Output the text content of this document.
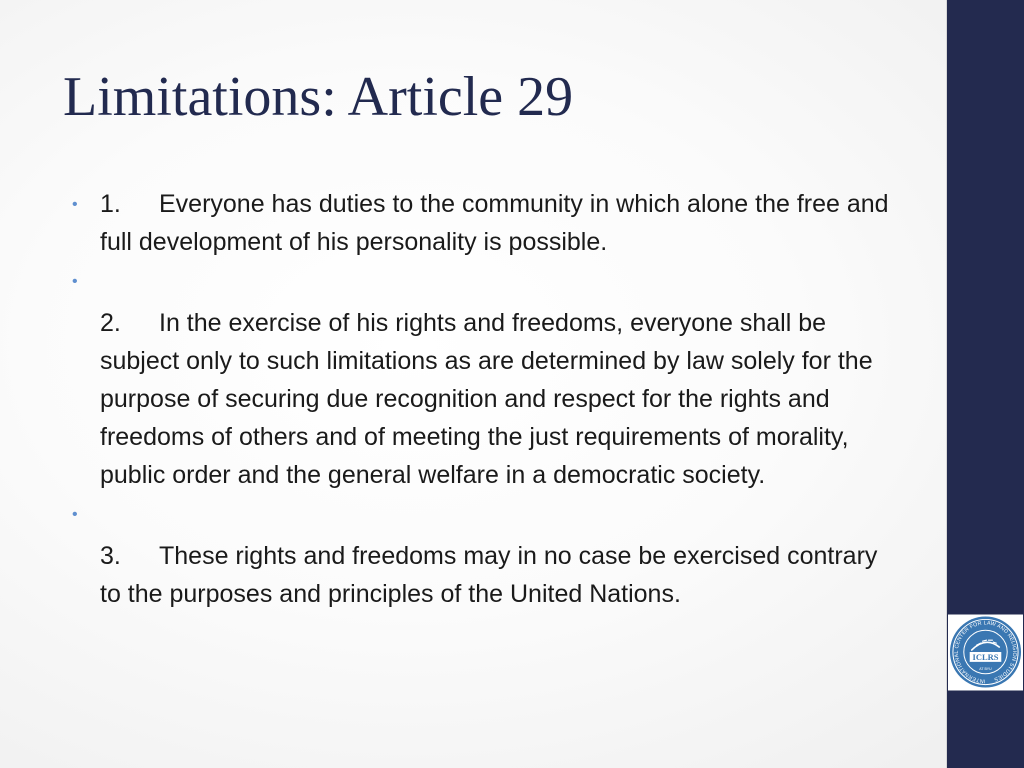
Limitations: Article 29
• 1. Everyone has duties to the community in which alone the free and full development of his personality is possible.
•
2. In the exercise of his rights and freedoms, everyone shall be subject only to such limitations as are determined by law solely for the purpose of securing due recognition and respect for the rights and freedoms of others and of meeting the just requirements of morality, public order and the general welfare in a democratic society.
•
3. These rights and freedoms may in no case be exercised contrary to the purposes and principles of the United Nations.
INTERNATIONAL CENTER FOR LAW AND RELIGION STUDIES
ICLRS
AT BYU
